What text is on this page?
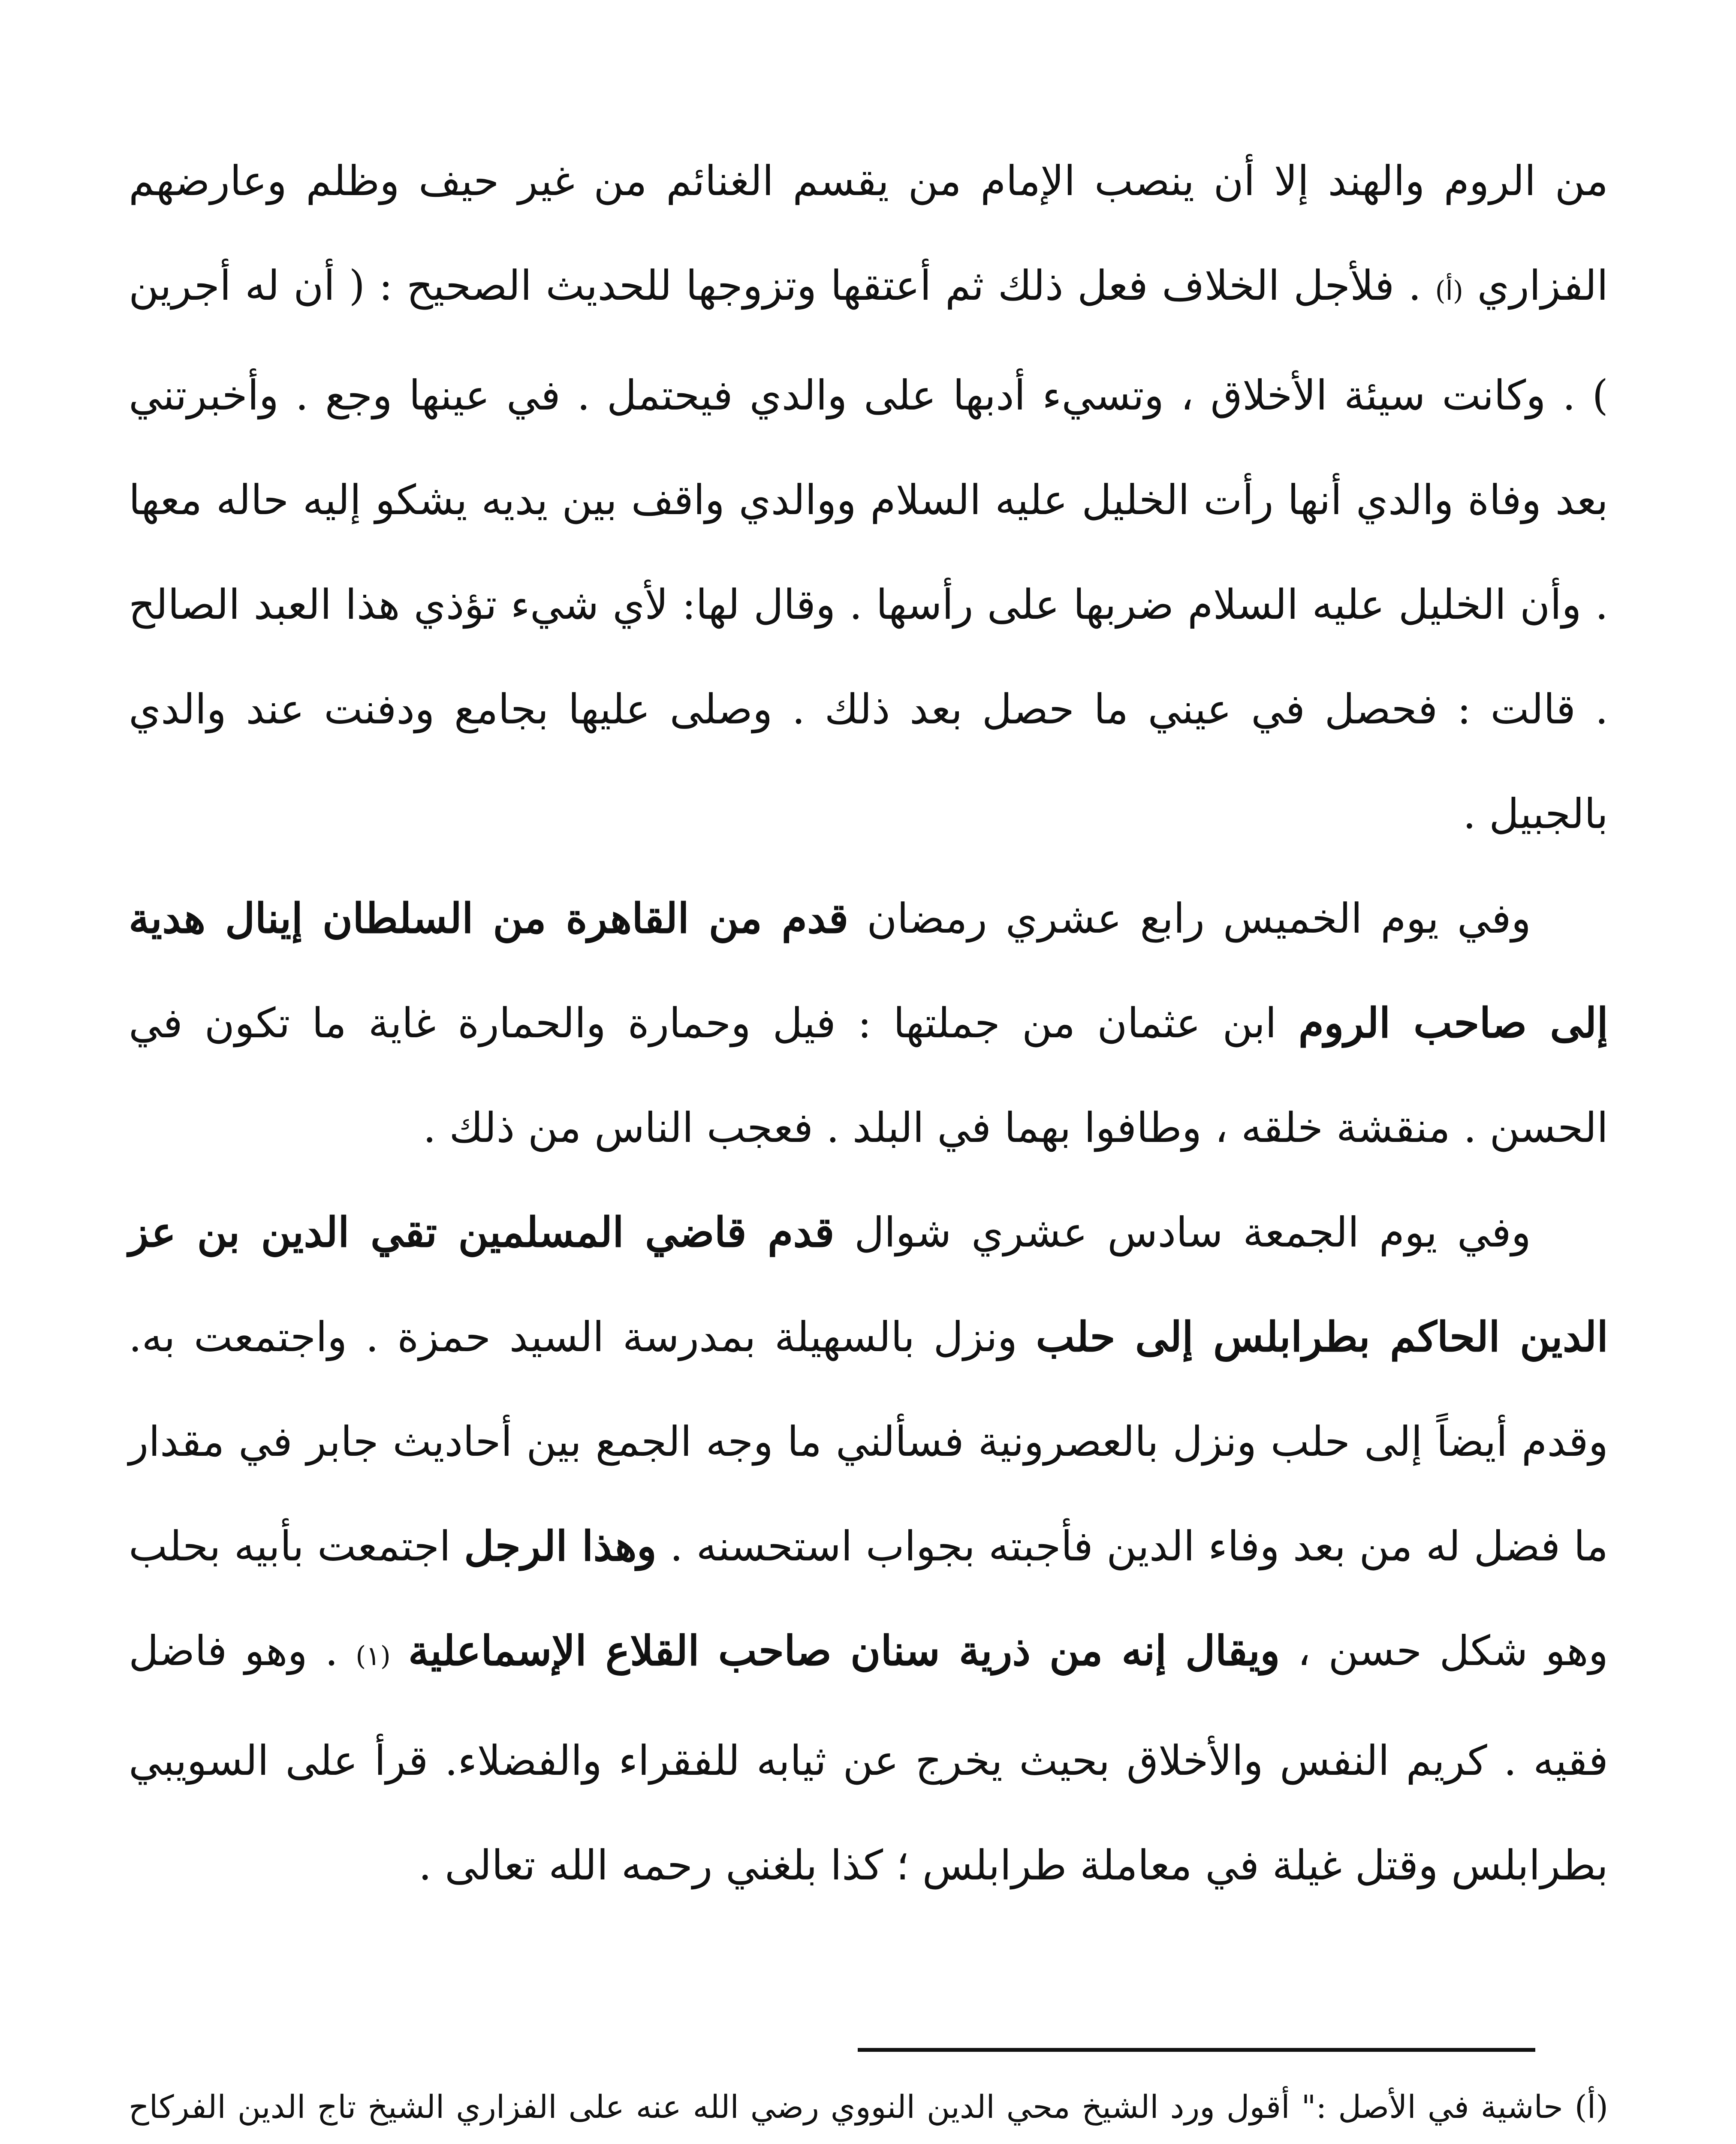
من الروم والهند إلا أن ينصب الإمام من يقسم الغنائم من غير حيف وظلم وعارضهم الفزاري (أ) . فلأجل الخلاف فعل ذلك ثم أعتقها وتزوجها للحديث الصحيح : ( أن له أجرين ) . وكانت سيئة الأخلاق ، وتسيء أدبها على والدي فيحتمل . في عينها وجع . وأخبرتني بعد وفاة والدي أنها رأت الخليل عليه السلام ووالدي واقف بين يديه يشكو إليه حاله معها . وأن الخليل عليه السلام ضربها على رأسها . وقال لها: لأي شيء تؤذي هذا العبد الصالح . قالت : فحصل في عيني ما حصل بعد ذلك . وصلى عليها بجامع ودفنت عند والدي بالجبيل .

وفي يوم الخميس رابع عشري رمضان قدم من القاهرة من السلطان إينال هدية إلى صاحب الروم ابن عثمان من جملتها : فيل وحمارة والحمارة غاية ما تكون في الحسن . منقشة خلقه ، وطافوا بهما في البلد . فعجب الناس من ذلك .

وفي يوم الجمعة سادس عشري شوال قدم قاضي المسلمين تقي الدين بن عز الدين الحاكم بطرابلس إلى حلب ونزل بالسهيلة بمدرسة السيد حمزة . واجتمعت به. وقدم أيضاً إلى حلب ونزل بالعصرونية فسألني ما وجه الجمع بين أحاديث جابر في مقدار ما فضل له من بعد وفاء الدين فأجبته بجواب استحسنه . وهذا الرجل اجتمعت بأبيه بحلب وهو شكل حسن ، ويقال إنه من ذرية سنان صاحب القلاع الإسماعلية (١) . وهو فاضل فقيه . كريم النفس والأخلاق بحيث يخرج عن ثيابه للفقراء والفضلاء. قرأ على السويبي بطرابلس وقتل غيلة في معاملة طرابلس ؛ كذا بلغني رحمه الله تعالى .

(أ) حاشية في الأصل :" أقول ورد الشيخ محي الدين النووي رضي الله عنه على الفزاري الشيخ تاج الدين الفركاح
